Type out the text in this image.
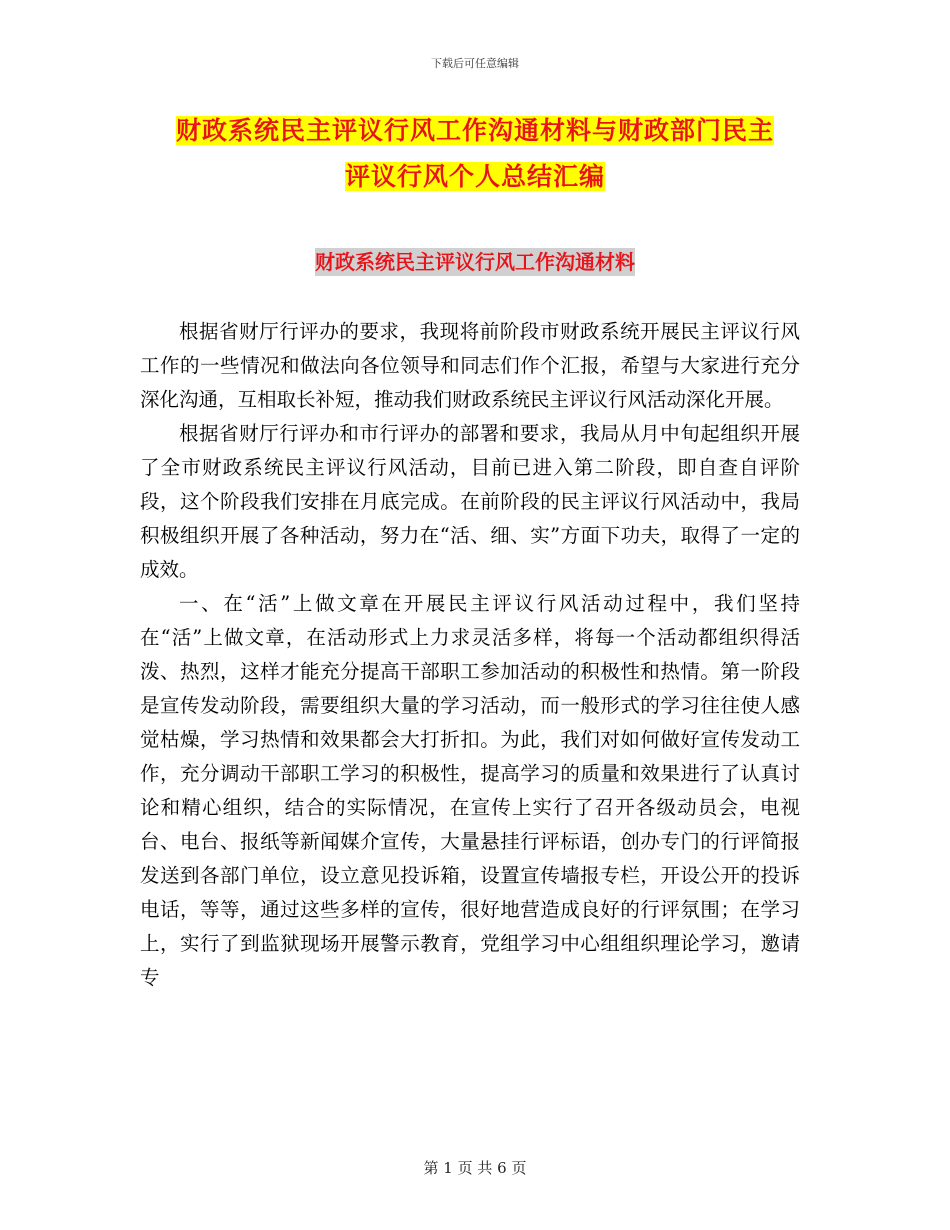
下载后可任意编辑
财政系统民主评议行风工作沟通材料与财政部门民主
评议行风个人总结汇编
财政系统民主评议行风工作沟通材料

根据省财厅行评办的要求，我现将前阶段市财政系统开展民主评议行风工作的一些情况和做法向各位领导和同志们作个汇报，希望与大家进行充分深化沟通，互相取长补短，推动我们财政系统民主评议行风活动深化开展。

根据省财厅行评办和市行评办的部署和要求，我局从月中旬起组织开展了全市财政系统民主评议行风活动，目前已进入第二阶段，即自查自评阶段，这个阶段我们安排在月底完成。在前阶段的民主评议行风活动中，我局积极组织开展了各种活动，努力在“活、细、实”方面下功夫，取得了一定的成效。

一、在“活”上做文章在开展民主评议行风活动过程中，我们坚持在“活”上做文章，在活动形式上力求灵活多样，将每一个活动都组织得活泼、热烈，这样才能充分提高干部职工参加活动的积极性和热情。第一阶段是宣传发动阶段，需要组织大量的学习活动，而一般形式的学习往往使人感觉枯燥，学习热情和效果都会大打折扣。为此，我们对如何做好宣传发动工作，充分调动干部职工学习的积极性，提高学习的质量和效果进行了认真讨论和精心组织，结合的实际情况，在宣传上实行了召开各级动员会，电视台、电台、报纸等新闻媒介宣传，大量悬挂行评标语，创办专门的行评简报发送到各部门单位，设立意见投诉箱，设置宣传墙报专栏，开设公开的投诉电话，等等，通过这些多样的宣传，很好地营造成良好的行评氛围；在学习上，实行了到监狱现场开展警示教育，党组学习中心组组织理论学习，邀请专

第 1 页 共 6 页
